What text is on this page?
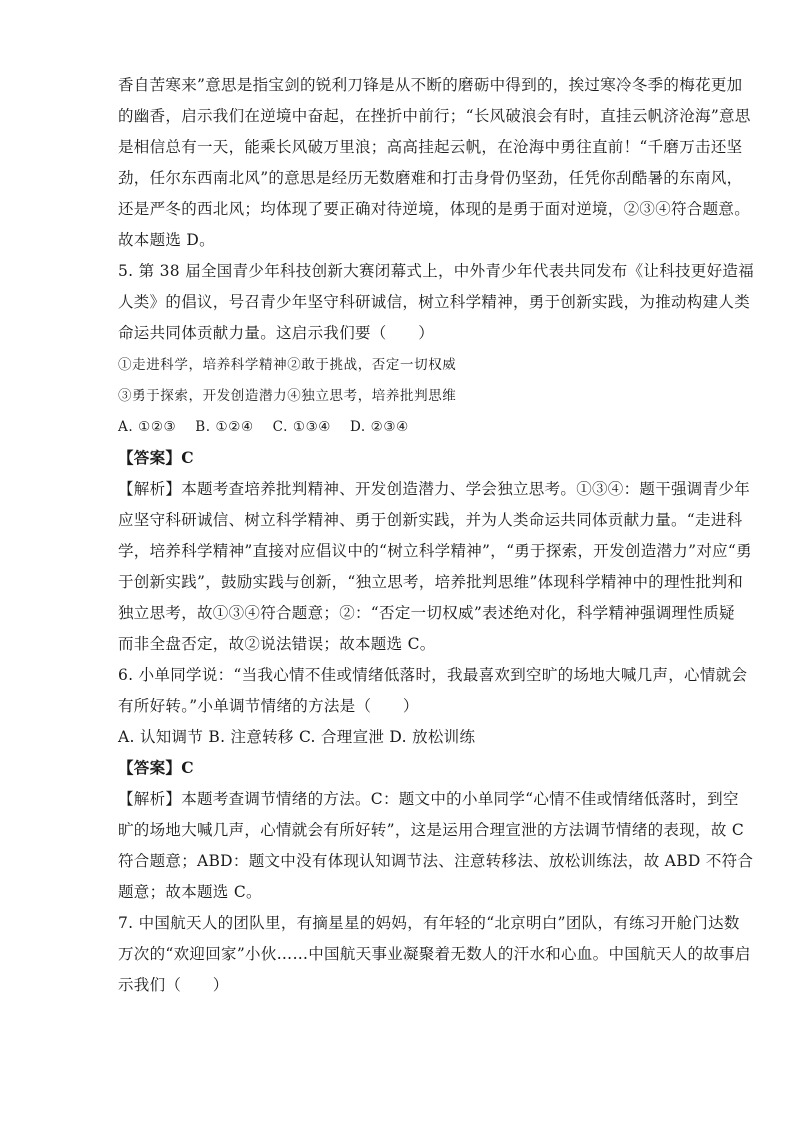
香自苦寒来”意思是指宝剑的锐利刀锋是从不断的磨砺中得到的，挨过寒冷冬季的梅花更加
的幽香，启示我们在逆境中奋起，在挫折中前行；“长风破浪会有时，直挂云帆济沧海”意思
是相信总有一天，能乘长风破万里浪；高高挂起云帆，在沧海中勇往直前！“千磨万击还坚
劲，任尔东西南北风”的意思是经历无数磨难和打击身骨仍坚劲，任凭你刮酷暑的东南风，
还是严冬的西北风；均体现了要正确对待逆境，体现的是勇于面对逆境，②③④符合题意。
故本题选 D。
5. 第 38 届全国青少年科技创新大赛闭幕式上，中外青少年代表共同发布《让科技更好造福
人类》的倡议，号召青少年坚守科研诚信，树立科学精神，勇于创新实践，为推动构建人类
命运共同体贡献力量。这启示我们要（　　）
①走进科学，培养科学精神②敢于挑战，否定一切权威
③勇于探索，开发创造潜力④独立思考，培养批判思维
A. ①②③　 B. ①②④　 C. ①③④　 D. ②③④
【答案】C
【解析】本题考查培养批判精神、开发创造潜力、学会独立思考。①③④：题干强调青少年
应坚守科研诚信、树立科学精神、勇于创新实践，并为人类命运共同体贡献力量。“走进科
学，培养科学精神”直接对应倡议中的“树立科学精神”，“勇于探索，开发创造潜力”对应“勇
于创新实践”，鼓励实践与创新，“独立思考，培养批判思维”体现科学精神中的理性批判和
独立思考，故①③④符合题意；②：“否定一切权威”表述绝对化，科学精神强调理性质疑
而非全盘否定，故②说法错误；故本题选 C。
6. 小单同学说：“当我心情不佳或情绪低落时，我最喜欢到空旷的场地大喊几声，心情就会
有所好转。”小单调节情绪的方法是（　　）
A. 认知调节 B. 注意转移 C. 合理宣泄 D. 放松训练
【答案】C
【解析】本题考查调节情绪的方法。C：题文中的小单同学“心情不佳或情绪低落时，到空
旷的场地大喊几声，心情就会有所好转”，这是运用合理宣泄的方法调节情绪的表现，故 C
符合题意；ABD：题文中没有体现认知调节法、注意转移法、放松训练法，故 ABD 不符合
题意；故本题选 C。
7. 中国航天人的团队里，有摘星星的妈妈，有年轻的“北京明白”团队，有练习开舱门达数
万次的“欢迎回家”小伙……中国航天事业凝聚着无数人的汗水和心血。中国航天人的故事启
示我们（　　）
